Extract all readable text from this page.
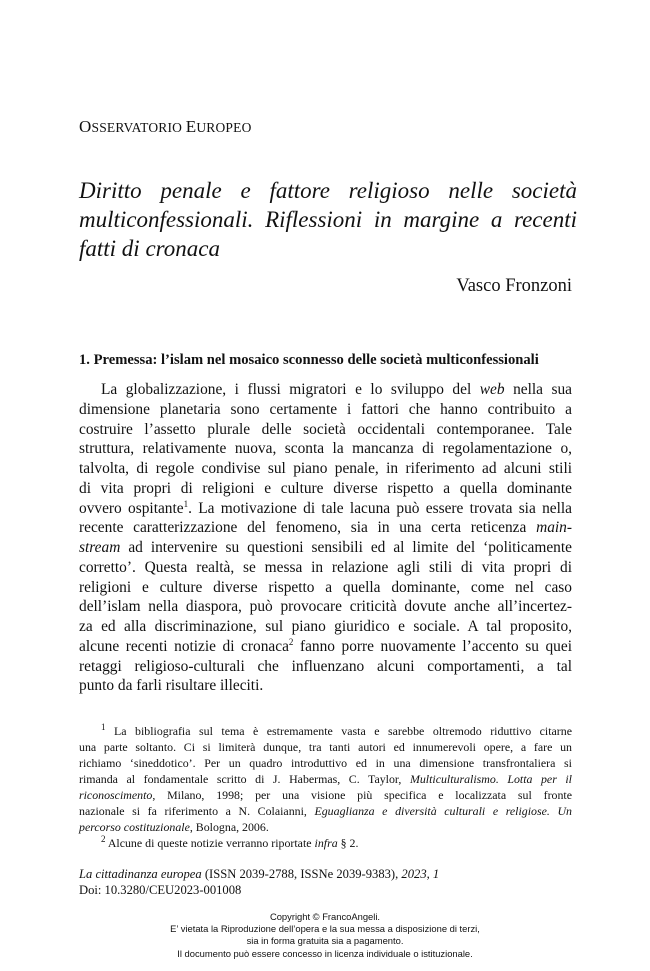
OSSERVATORIO EUROPEO
Diritto penale e fattore religioso nelle società
multiconfessionali. Riflessioni in margine a recenti
fatti di cronaca
Vasco Fronzoni
1. Premessa: l’islam nel mosaico sconnesso delle società multiconfessionali
La globalizzazione, i flussi migratori e lo sviluppo del web nella sua
dimensione planetaria sono certamente i fattori che hanno contribuito a
costruire l’assetto plurale delle società occidentali contemporanee. Tale
struttura, relativamente nuova, sconta la mancanza di regolamentazione o,
talvolta, di regole condivise sul piano penale, in riferimento ad alcuni stili
di vita propri di religioni e culture diverse rispetto a quella dominante
ovvero ospitante$^1$. La motivazione di tale lacuna può essere trovata sia nella
recente caratterizzazione del fenomeno, sia in una certa reticenza main-
stream ad intervenire su questioni sensibili ed al limite del ‘politicamente
corretto’. Questa realtà, se messa in relazione agli stili di vita propri di
religioni e culture diverse rispetto a quella dominante, come nel caso
dell’islam nella diaspora, può provocare criticità dovute anche all’incertez-
za ed alla discriminazione, sul piano giuridico e sociale. A tal proposito,
alcune recenti notizie di cronaca$^2$ fanno porre nuovamente l’accento su quei
retaggi religioso-culturali che influenzano alcuni comportamenti, a tal
punto da farli risultare illeciti.
$^1$ La bibliografia sul tema è estremamente vasta e sarebbe oltremodo riduttivo citarne
una parte soltanto. Ci si limiterà dunque, tra tanti autori ed innumerevoli opere, a fare un
richiamo ‘sineddotico’. Per un quadro introduttivo ed in una dimensione transfrontaliera si
rimanda al fondamentale scritto di J. Habermas, C. Taylor, Multiculturalismo. Lotta per il
riconoscimento, Milano, 1998; per una visione più specifica e localizzata sul fronte
nazionale si fa riferimento a N. Colaianni, Eguaglianza e diversità culturali e religiose. Un
percorso costituzionale, Bologna, 2006.
$^2$ Alcune di queste notizie verranno riportate infra § 2.
La cittadinanza europea (ISSN 2039-2788, ISSNe 2039-9383), 2023, 1
Doi: 10.3280/CEU2023-001008
Copyright © FrancoAngeli.
E’ vietata la Riproduzione dell’opera e la sua messa a disposizione di terzi,
sia in forma gratuita sia a pagamento.
Il documento può essere concesso in licenza individuale o istituzionale.
